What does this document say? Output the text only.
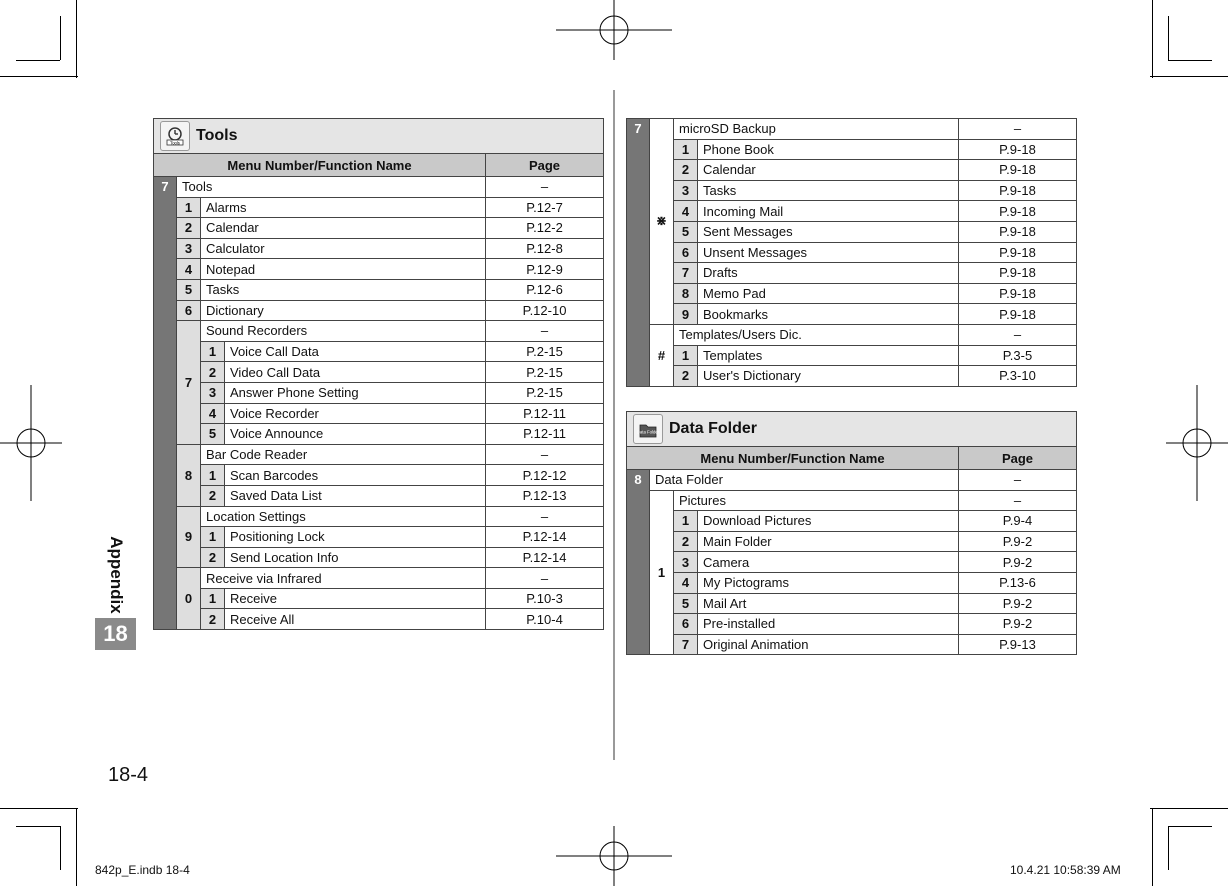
Appendix
18
18-4
842p_E.indb 18-4	10.4.21 10:58:39 AM
Tools Tools				

Menu Number/Function Name				Page
7	Tools			–
	1	Alarms		P.12-7
	2	Calendar		P.12-2
	3	Calculator		P.12-8
	4	Notepad		P.12-9
	5	Tasks		P.12-6
	6	Dictionary		P.12-10
	7	Sound Recorders		–
		1	Voice Call Data	P.2-15
		2	Video Call Data	P.2-15
		3	Answer Phone Setting	P.2-15
		4	Voice Recorder	P.12-11
		5	Voice Announce	P.12-11
	8	Bar Code Reader		–
		1	Scan Barcodes	P.12-12
		2	Saved Data List	P.12-13
	9	Location Settings		–
		1	Positioning Lock	P.12-14
		2	Send Location Info	P.12-14
	0	Receive via Infrared		–
		1	Receive	P.10-3
		2	Receive All	P.10-4
7	⋇	microSD Backup		–
		1	Phone Book	P.9-18
		2	Calendar	P.9-18
		3	Tasks	P.9-18
		4	Incoming Mail	P.9-18
		5	Sent Messages	P.9-18
		6	Unsent Messages	P.9-18
		7	Drafts	P.9-18
		8	Memo Pad	P.9-18
		9	Bookmarks	P.9-18
	#	Templates/Users Dic.		–
		1	Templates	P.3-5
		2	User's Dictionary	P.3-10
Data Folder Data Folder				

Menu Number/Function Name				Page
8	Data Folder			–
	1	Pictures		–
		1	Download Pictures	P.9-4
		2	Main Folder	P.9-2
		3	Camera	P.9-2
		4	My Pictograms	P.13-6
		5	Mail Art	P.9-2
		6	Pre-installed	P.9-2
		7	Original Animation	P.9-13
